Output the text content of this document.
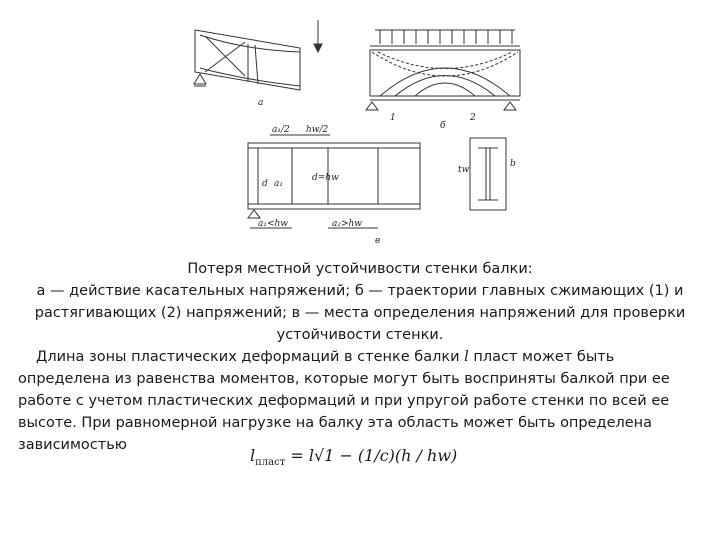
а
1	2
б
a₁/2 hw/2
d a₁
d=hw
a₁<hw	a₂>hw
в
tw
b
Потеря местной устойчивости стенки балки:
а — действие касательных напряжений; б — траектории главных сжимающих (1) и
растягивающих (2) напряжений; в — места определения напряжений для проверки
устойчивости стенки.
Длина зоны пластических деформаций в стенке балки l пласт может быть
определена из равенства моментов, которые могут быть восприняты балкой при ее
работе с учетом пластических деформаций и при упругой работе стенки по всей ее
высоте. При равномерной нагрузке на балку эта область может быть определена
зависимостью
$l_{пласт} = l√1 - (1/c)(h / hw)$
